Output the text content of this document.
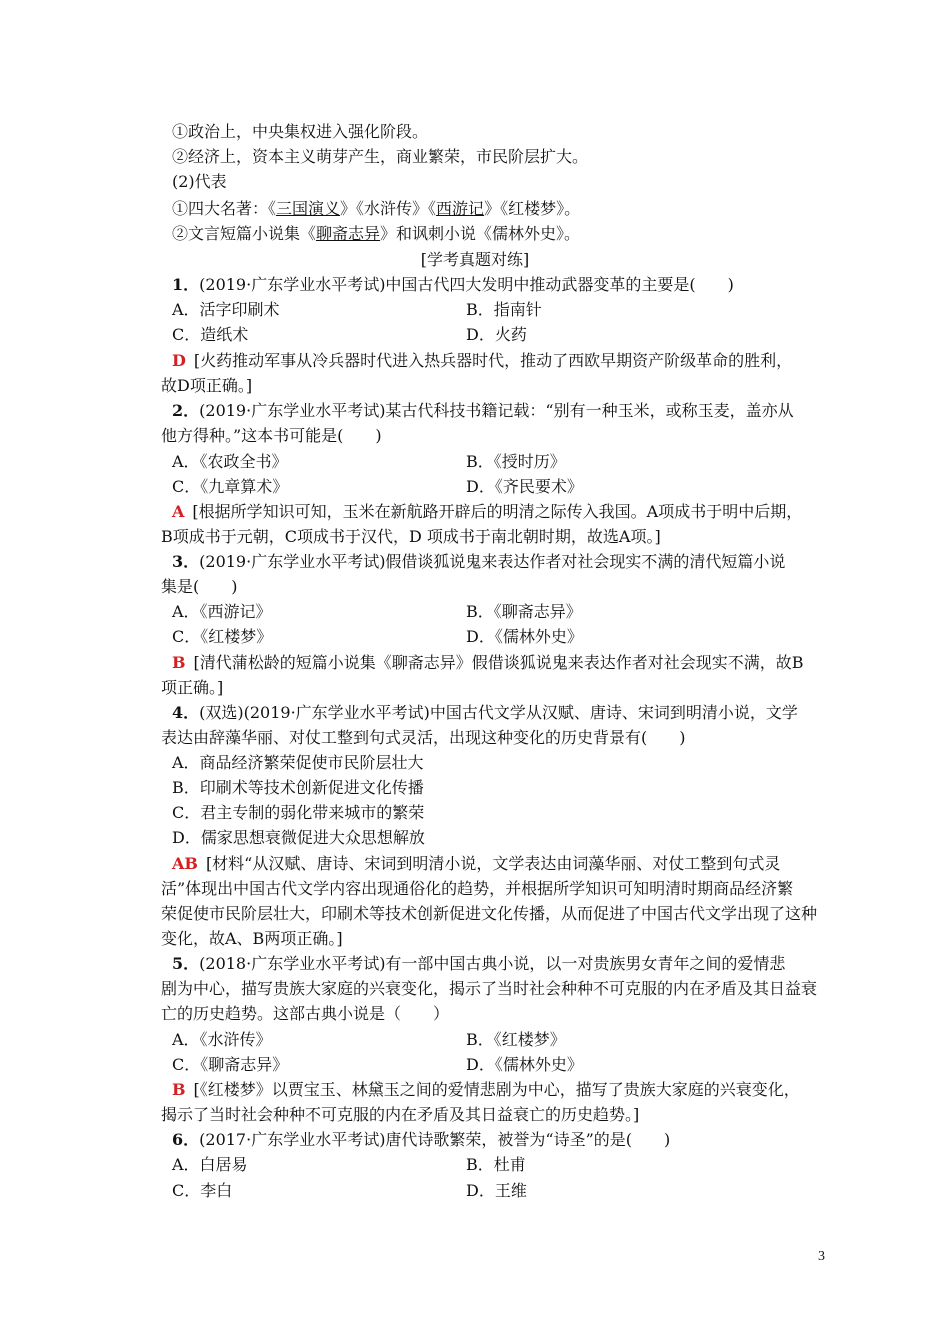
①政治上，中央集权进入强化阶段。
②经济上，资本主义萌芽产生，商业繁荣，市民阶层扩大。
(2)代表
①四大名著：《三国演义》《水浒传》《西游记》《红楼梦》。
②文言短篇小说集《聊斋志异》和讽刺小说《儒林外史》。
[学考真题对练]
1．(2019·广东学业水平考试)中国古代四大发明中推动武器变革的主要是(　　)
A．活字印刷术	B．指南针
C．造纸术	D．火药
D [火药推动军事从冷兵器时代进入热兵器时代，推动了西欧早期资产阶级革命的胜利，
故D项正确。]
2．(2019·广东学业水平考试)某古代科技书籍记载：“别有一种玉米，或称玉麦，盖亦从
他方得种。”这本书可能是(　　)
A．《农政全书》	B．《授时历》
C．《九章算术》	D．《齐民要术》
A [根据所学知识可知，玉米在新航路开辟后的明清之际传入我国。A项成书于明中后期，
B项成书于元朝，C项成书于汉代，D 项成书于南北朝时期，故选A项。]
3．(2019·广东学业水平考试)假借谈狐说鬼来表达作者对社会现实不满的清代短篇小说
集是(　　)
A．《西游记》	B．《聊斋志异》
C．《红楼梦》	D．《儒林外史》
B [清代蒲松龄的短篇小说集《聊斋志异》假借谈狐说鬼来表达作者对社会现实不满，故B
项正确。]
4．(双选)(2019·广东学业水平考试)中国古代文学从汉赋、唐诗、宋词到明清小说，文学
表达由辞藻华丽、对仗工整到句式灵活，出现这种变化的历史背景有(　　)
A．商品经济繁荣促使市民阶层壮大
B．印刷术等技术创新促进文化传播
C．君主专制的弱化带来城市的繁荣
D．儒家思想衰微促进大众思想解放
AB [材料“从汉赋、唐诗、宋词到明清小说，文学表达由词藻华丽、对仗工整到句式灵
活”体现出中国古代文学内容出现通俗化的趋势，并根据所学知识可知明清时期商品经济繁
荣促使市民阶层壮大，印刷术等技术创新促进文化传播，从而促进了中国古代文学出现了这种
变化，故A、B两项正确。]
5．(2018·广东学业水平考试)有一部中国古典小说，以一对贵族男女青年之间的爱情悲
剧为中心，描写贵族大家庭的兴衰变化，揭示了当时社会种种不可克服的内在矛盾及其日益衰
亡的历史趋势。这部古典小说是（　　）
A．《水浒传》	B．《红楼梦》
C．《聊斋志异》	D．《儒林外史》
B [《红楼梦》以贾宝玉、林黛玉之间的爱情悲剧为中心，描写了贵族大家庭的兴衰变化，
揭示了当时社会种种不可克服的内在矛盾及其日益衰亡的历史趋势。]
6．(2017·广东学业水平考试)唐代诗歌繁荣，被誉为“诗圣”的是(　　)
A．白居易	B．杜甫
C．李白	D．王维
3
